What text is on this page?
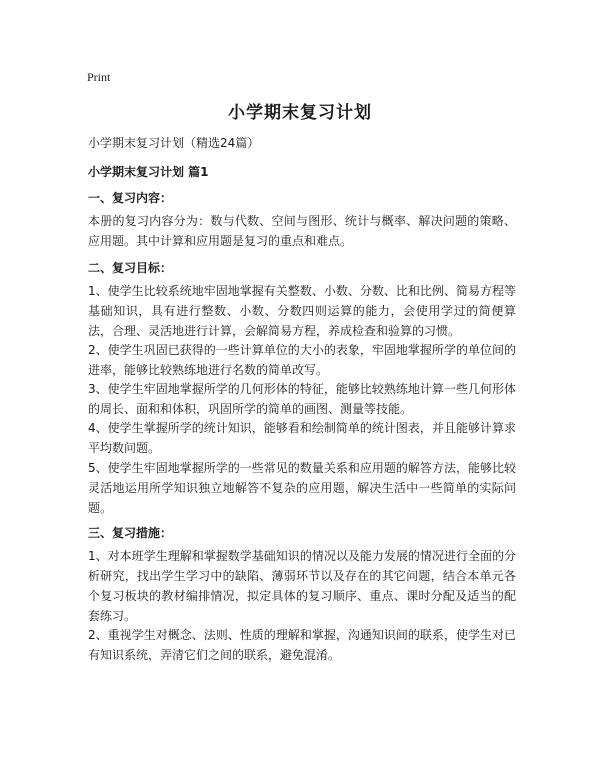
Print
小学期末复习计划
小学期末复习计划（精选24篇）
小学期末复习计划 篇1
一、复习内容：

本册的复习内容分为：数与代数、空间与图形、统计与概率、解决问题的策略、应用题。其中计算和应用题是复习的重点和难点。

二、复习目标：

1、使学生比较系统地牢固地掌握有关整数、小数、分数、比和比例、简易方程等基础知识，具有进行整数、小数、分数四则运算的能力，会使用学过的简便算法，合理、灵活地进行计算，会解简易方程，养成检查和验算的习惯。

2、使学生巩固已获得的一些计算单位的大小的表象，牢固地掌握所学的单位间的进率，能够比较熟练地进行名数的简单改写。

3、使学生牢固地掌握所学的几何形体的特征，能够比较熟练地计算一些几何形体的周长、面和和体积，巩固所学的简单的画图、测量等技能。

4、使学生掌握所学的统计知识，能够看和绘制简单的统计图表，并且能够计算求平均数问题。

5、使学生牢固地掌握所学的一些常见的数量关系和应用题的解答方法，能够比较灵活地运用所学知识独立地解答不复杂的应用题，解决生活中一些简单的实际问题。

三、复习措施：

1、对本班学生理解和掌握数学基础知识的情况以及能力发展的情况进行全面的分析研究，找出学生学习中的缺陷、薄弱环节以及存在的其它问题，结合本单元各个复习板块的教材编排情况，拟定具体的复习顺序、重点、课时分配及适当的配套练习。

2、重视学生对概念、法则、性质的理解和掌握，沟通知识间的联系，使学生对已有知识系统，弄清它们之间的联系，避免混淆。
